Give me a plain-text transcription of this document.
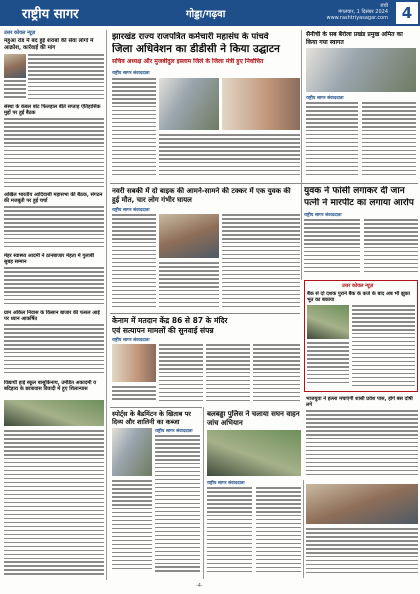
राष्ट्रीय सागर	गोड्डा/गढ़वा
रांची
मंगलवार, 1 दिसंबर 2024
www.rashtriyasagar.com 4
उत्तर कोयल न्यूज़
महुआ रोड में बंद हुई शराबों की सेवा लोगों में आक्रोश, कार्रवाई की मांग
संस्था के कंबल बांट फिलहाल बीते सप्ताह ऐतिहासिक मुद्दों पर हुई बैठक
अखिल भारतीय आदिवासी महासभा की बैठक, संगठन की मजबूती पर हुई चर्चा
मेहर स्वास्थ्य आदमी ने ठानबाजार मेहता में गुलाबी सुबह सम्मान
ग्राम अकिल निवास के किसान बाजार की फसल आई पर ध्यान आकर्षित
विद्यार्थी हाई स्कूल बासुकिनाथ, उमेडित अकादमी व बदिहारा के छात्रावास विवादी में हुए शिलान्यास
झारखंड राज्य राजपत्रित कर्मचारी महासंघ के पांचवे
जिला अधिवेशन का डीडीसी ने किया उद्घाटन
सचिव अध्यक्ष और मुजबीदुल इस्लाम जिले के जिला मंत्री हुए निर्वाचित
राष्ट्रीय सागर संवाददाता
नवरी सबकी में दो बाइक की आमने-सामने की टक्कर में एक युवक की हुई मौत, चार लोग गंभीर घायल
राष्ट्रीय सागर संवाददाता
सैनीची के सब बैरोला प्रखंड प्रमुख अमित का किया गया स्वागत
राष्ट्रीय सागर संवाददाता
युवक ने फांसी लगाकर दी जान
पत्नी ने मारपीट का लगाया आरोप
राष्ट्रीय सागर संवाददाता
उत्तर कोयल न्यूज़
बैंक से दो दशक पुराने बैंक के कर्ज के बाद अब भी झुका भूत का बकाया
भाजयुवा ने हल्ला मचाएंगी शासी प्रवेश पास, होगे बस दोषी लगे
केनाम में मतदान केंद्र 86 से 87 के मंदिर
एवं सत्यापन मामलों की सुनवाई संपन्न
राष्ट्रीय सागर संवाददाता
स्पोर्ट्स के बैडमिंटन के खिताब पर दिव्य और शालिनी का कब्जा
राष्ट्रीय सागर संवाददाता
बलबड्डा पुलिस ने चलाया सघन वाहन जांच अभियान
राष्ट्रीय सागर संवाददाता
-4-
